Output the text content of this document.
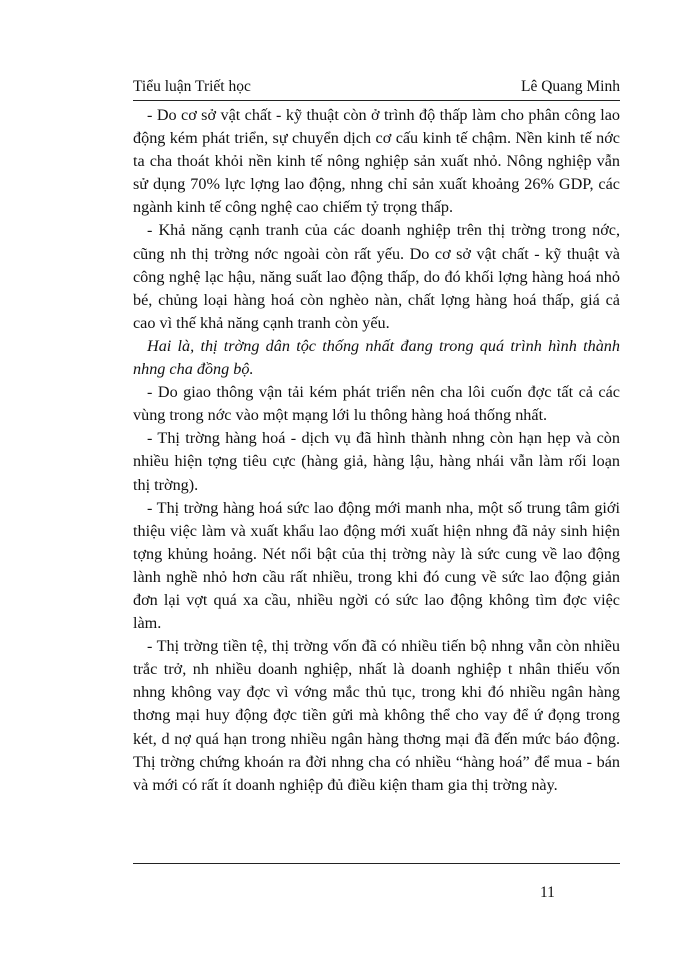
Tiểu luận Triết học	Lê Quang Minh

- Do cơ sở vật chất - kỹ thuật còn ở trình độ thấp làm cho phân công lao động kém phát triển, sự chuyển dịch cơ cấu kinh tế chậm. Nền kinh tế nớc ta cha thoát khỏi nền kinh tế nông nghiệp sản xuất nhỏ. Nông nghiệp vẫn sử dụng 70% lực lợng lao động, nhng chỉ sản xuất khoảng 26% GDP, các ngành kinh tế công nghệ cao chiếm tỷ trọng thấp.

- Khả năng cạnh tranh của các doanh nghiệp trên thị trờng trong nớc, cũng nh thị trờng nớc ngoài còn rất yếu. Do cơ sở vật chất - kỹ thuật và công nghệ lạc hậu, năng suất lao động thấp, do đó khối lợng hàng hoá nhỏ bé, chủng loại hàng hoá còn nghèo nàn, chất lợng hàng hoá thấp, giá cả cao vì thế khả năng cạnh tranh còn yếu.

Hai là, thị trờng dân tộc thống nhất đang trong quá trình hình thành nhng cha đồng bộ.

- Do giao thông vận tải kém phát triển nên cha lôi cuốn đợc tất cả các vùng trong nớc vào một mạng lới lu thông hàng hoá thống nhất.

- Thị trờng hàng hoá - dịch vụ đã hình thành nhng còn hạn hẹp và còn nhiều hiện tợng tiêu cực (hàng giả, hàng lậu, hàng nhái vẫn làm rối loạn thị trờng).

- Thị trờng hàng hoá sức lao động mới manh nha, một số trung tâm giới thiệu việc làm và xuất khẩu lao động mới xuất hiện nhng đã nảy sinh hiện tợng khủng hoảng. Nét nổi bật của thị trờng này là sức cung về lao động lành nghề nhỏ hơn cầu rất nhiều, trong khi đó cung về sức lao động giản đơn lại vợt quá xa cầu, nhiều ngời có sức lao động không tìm đợc việc làm.

- Thị trờng tiền tệ, thị trờng vốn đã có nhiều tiến bộ nhng vẫn còn nhiều trắc trở, nh nhiều doanh nghiệp, nhất là doanh nghiệp t nhân thiếu vốn nhng không vay đợc vì vớng mắc thủ tục, trong khi đó nhiều ngân hàng thơng mại huy động đợc tiền gửi mà không thể cho vay để ứ đọng trong két, d nợ quá hạn trong nhiều ngân hàng thơng mại đã đến mức báo động. Thị trờng chứng khoán ra đời nhng cha có nhiều “hàng hoá” để mua - bán và mới có rất ít doanh nghiệp đủ điều kiện tham gia thị trờng này.

11
